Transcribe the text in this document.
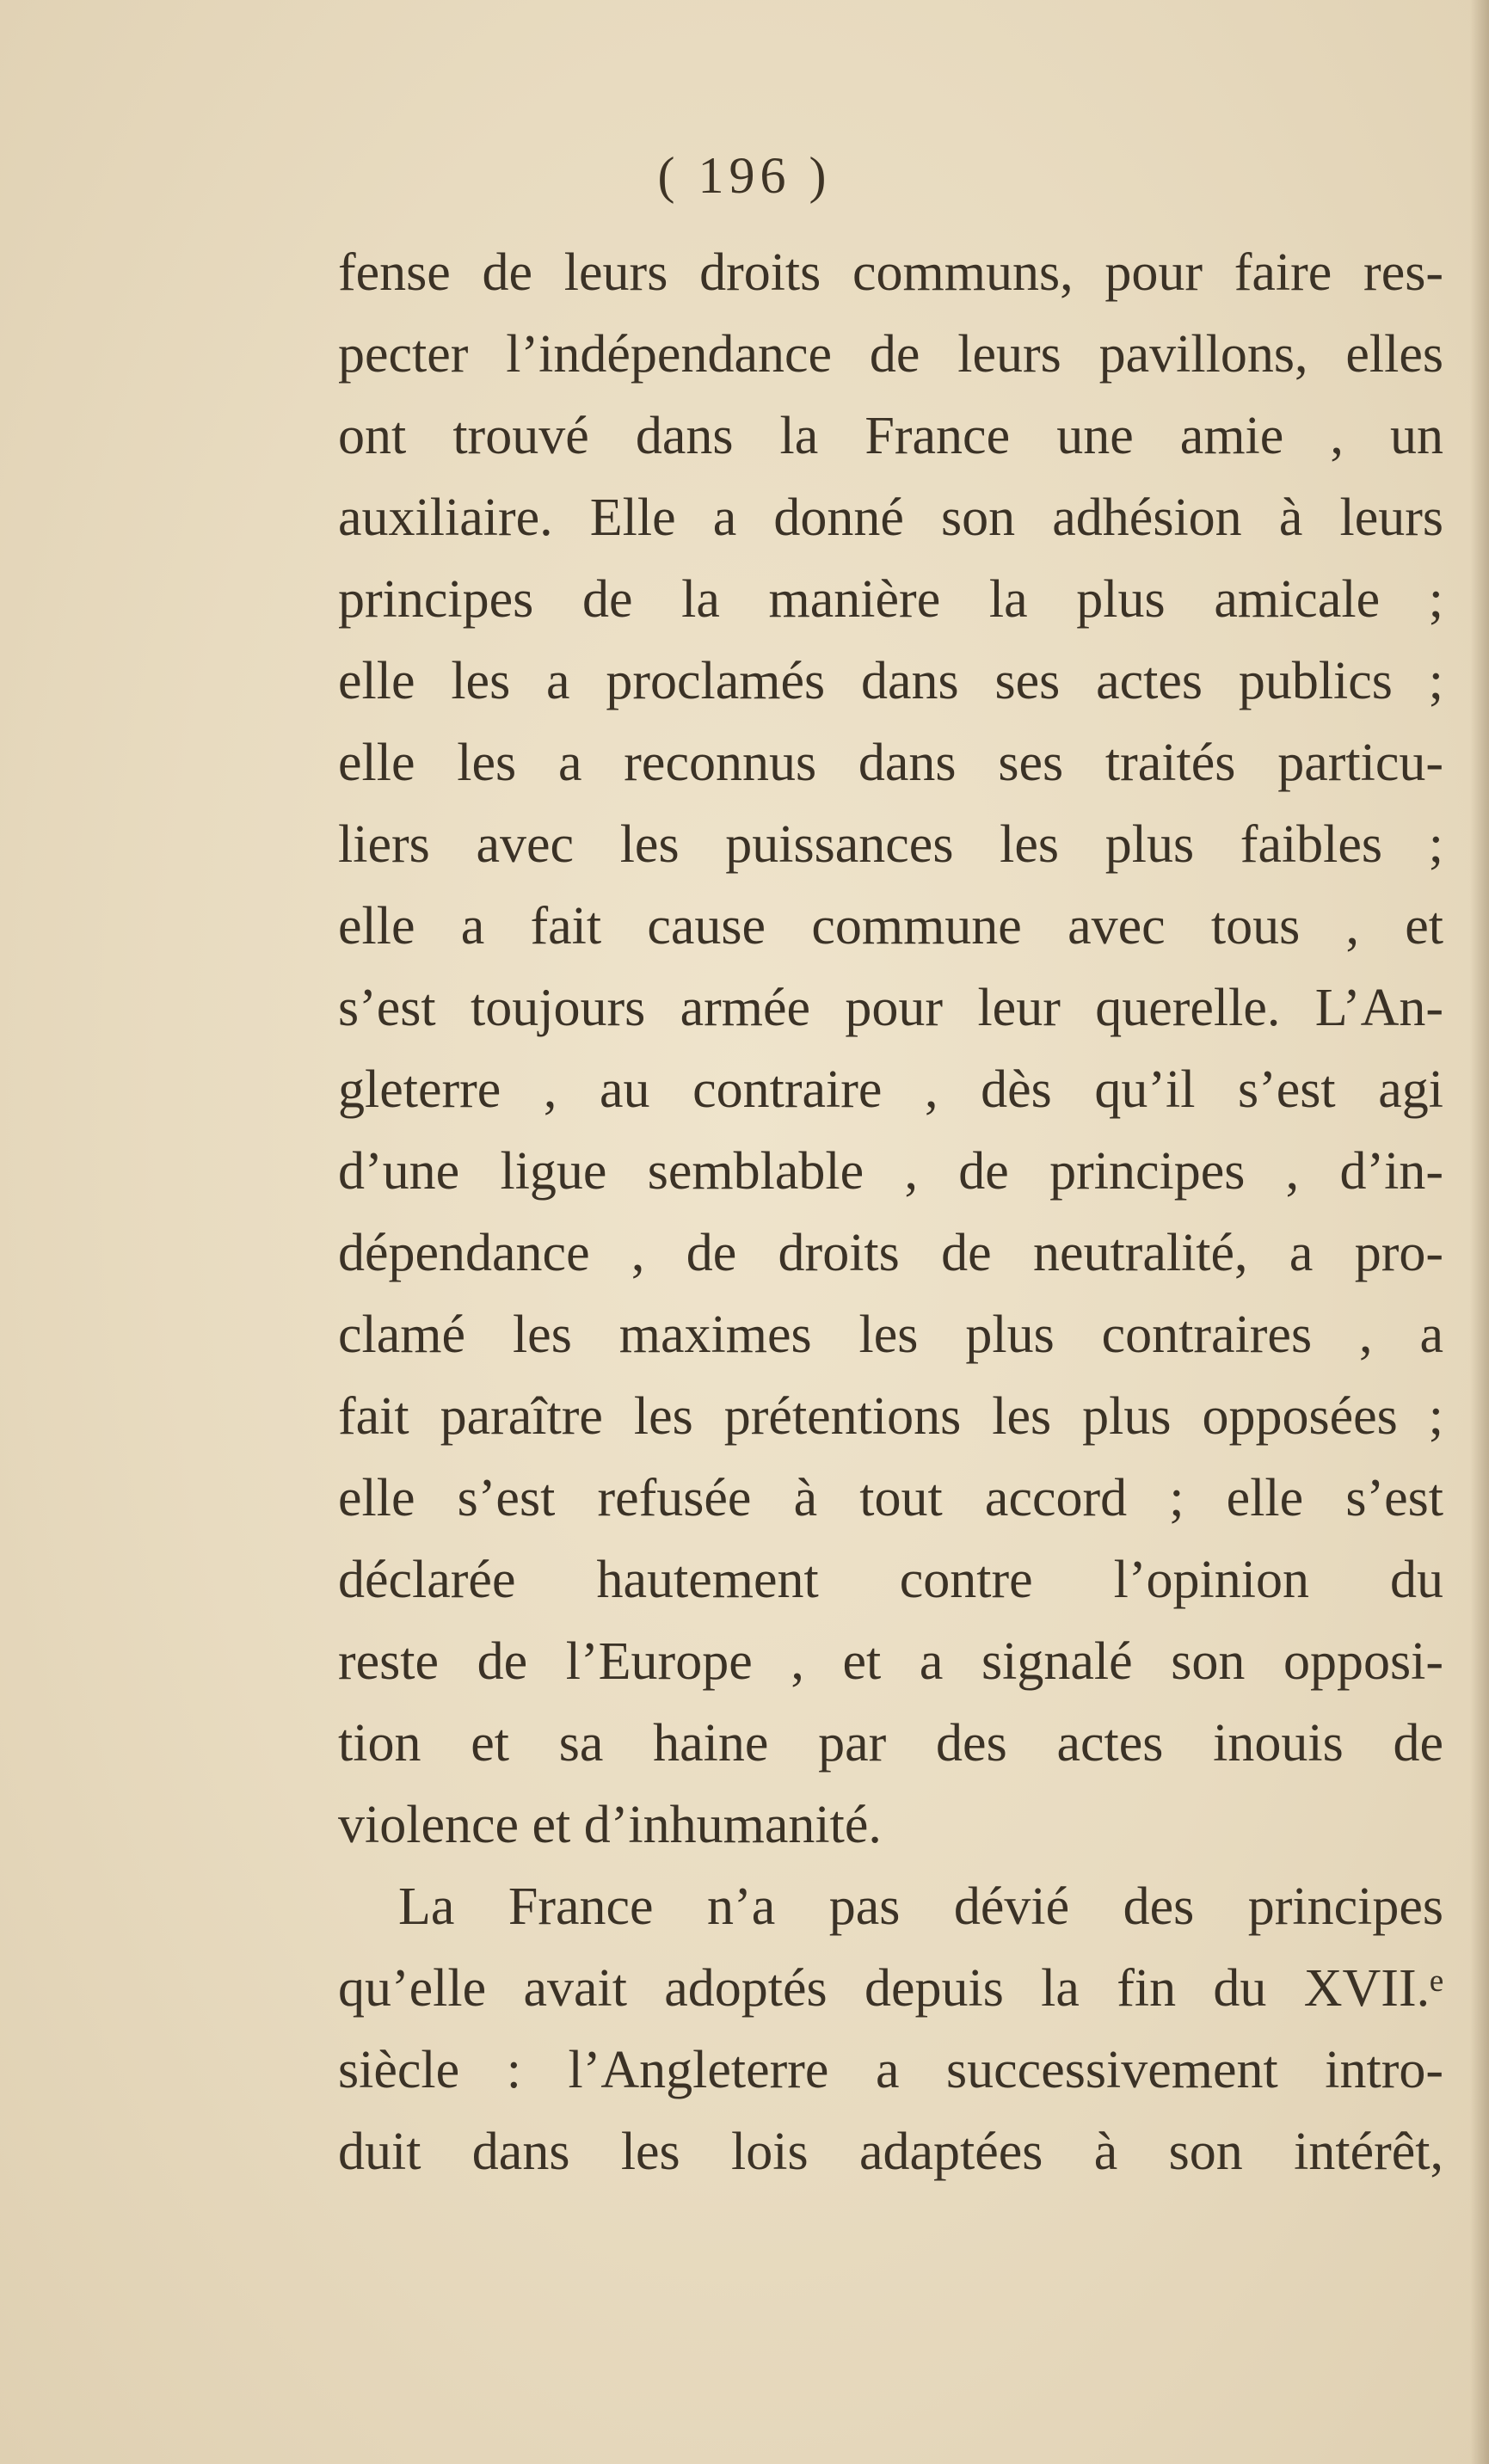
( 196 )
fense de leurs droits communs, pour faire res-
pecter l’indépendance de leurs pavillons, elles
ont trouvé dans la France une amie , un
auxiliaire. Elle a donné son adhésion à leurs
principes de la manière la plus amicale ;
elle les a proclamés dans ses actes publics ;
elle les a reconnus dans ses traités particu-
liers avec les puissances les plus faibles ;
elle a fait cause commune avec tous , et
s’est toujours armée pour leur querelle. L’An-
gleterre , au contraire , dès qu’il s’est agi
d’une ligue semblable , de principes , d’in-
dépendance , de droits de neutralité, a pro-
clamé les maximes les plus contraires , a
fait paraître les prétentions les plus opposées ;
elle s’est refusée à tout accord ; elle s’est
déclarée hautement contre l’opinion du
reste de l’Europe , et a signalé son opposi-
tion et sa haine par des actes inouis de
violence et d’inhumanité.
La France n’a pas dévié des principes
qu’elle avait adoptés depuis la fin du XVII.ᵉ
siècle : l’Angleterre a successivement intro-
duit dans les lois adaptées à son intérêt,
